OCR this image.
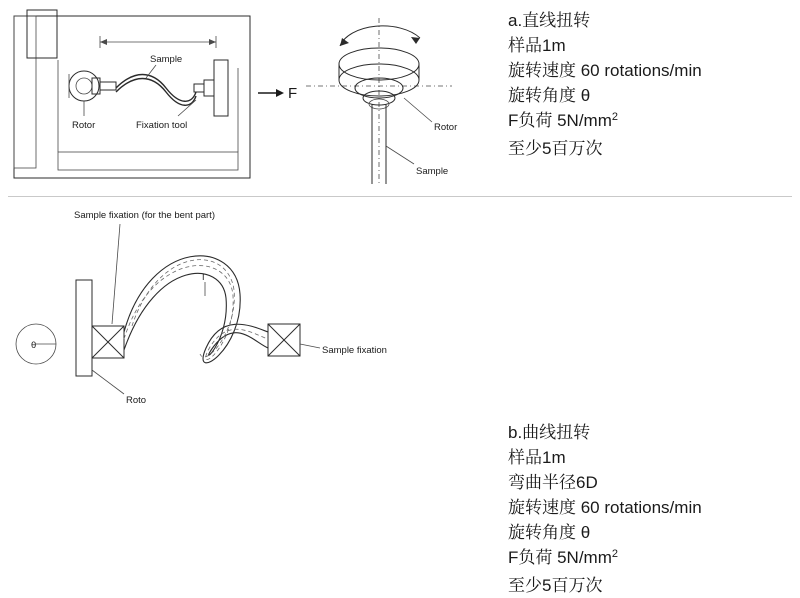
Sample
Rotor	Fixation tool
F
Rotor
Sample
a.直线扭转
样品1m
旋转速度 60 rotations/min
旋转角度 θ
F负荷 $5N/mm^2$
至少5百万次
θ
I
Sample fixation (for the bent part)
Sample fixation
Roto
b.曲线扭转
样品1m
弯曲半径6D
旋转速度 60 rotations/min
旋转角度 θ
F负荷 $5N/mm^2$
至少5百万次
